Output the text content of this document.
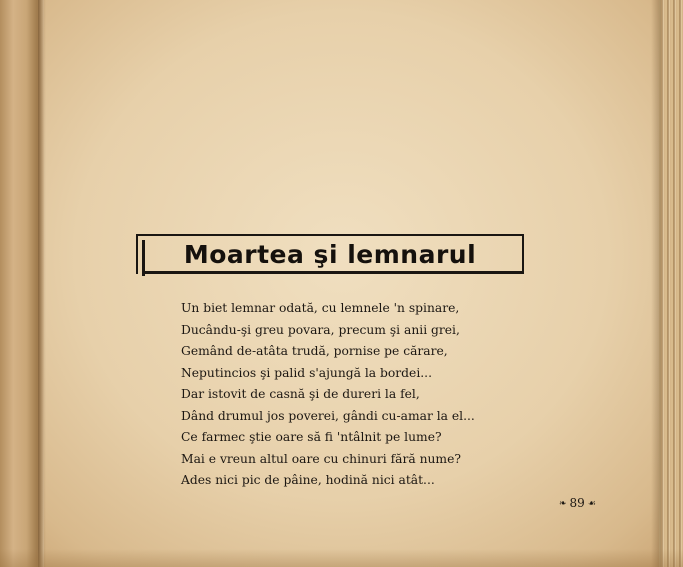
Moartea şi lemnarul
Un biet lemnar odată, cu lemnele 'n spinare,
Ducându-şi greu povara, precum şi anii grei,
Gemând de-atâta trudă, pornise pe cărare,
Neputincios şi palid s'ajungă la bordei...
Dar istovit de casnă şi de dureri la fel,
Dând drumul jos poverei, gândi cu-amar la el...
Ce farmec ştie oare să fi 'ntâlnit pe lume?
Mai e vreun altul oare cu chinuri fără nume?
Ades nici pic de pâine, hodină nici atât...
❧ 89 ☙
